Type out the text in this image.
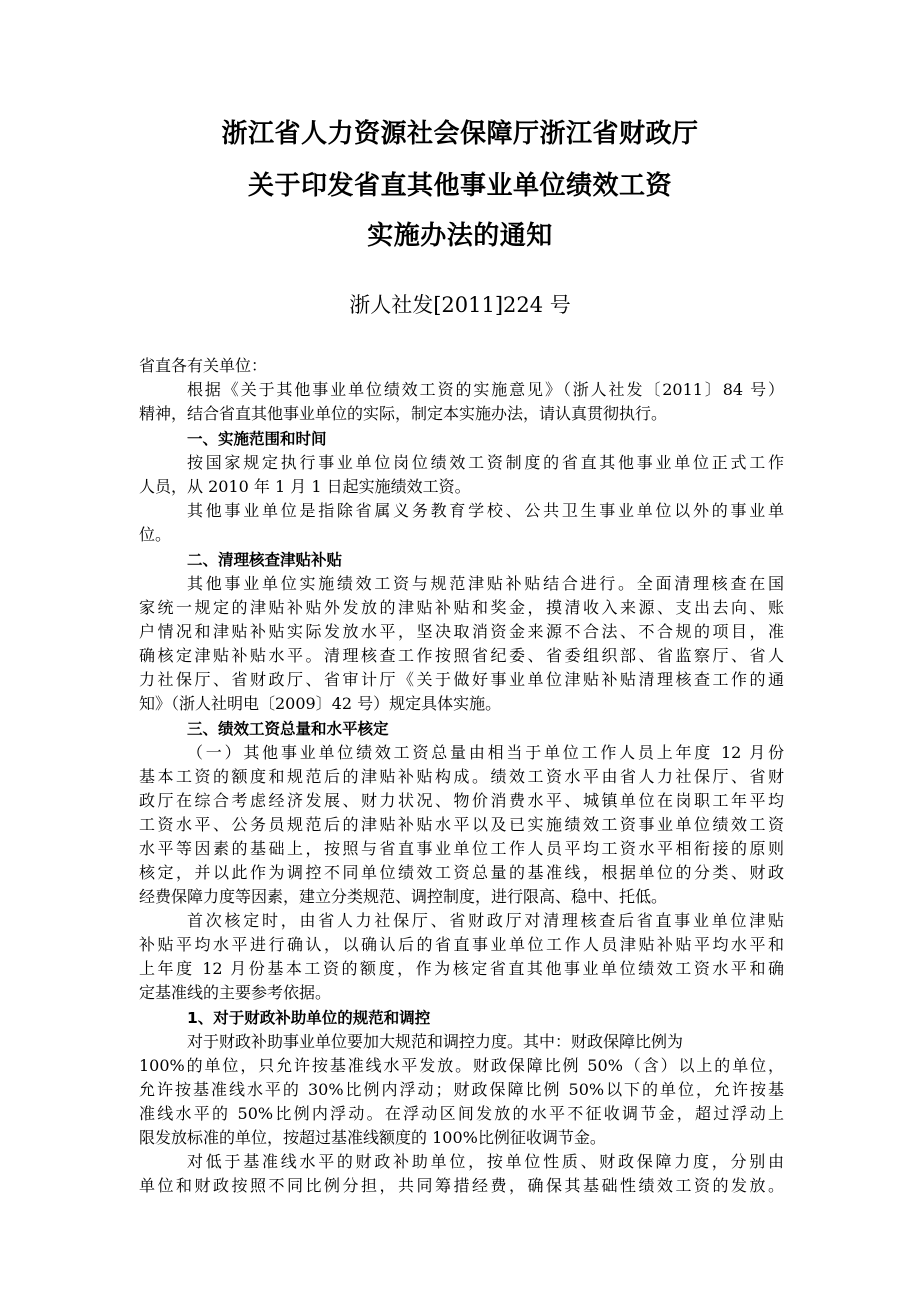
浙江省人力资源社会保障厅浙江省财政厅
关于印发省直其他事业单位绩效工资
实施办法的通知
浙人社发[2011]224 号
省直各有关单位：
根据《关于其他事业单位绩效工资的实施意见》（浙人社发〔2011〕84 号）
精神，结合省直其他事业单位的实际，制定本实施办法，请认真贯彻执行。
一、实施范围和时间
按国家规定执行事业单位岗位绩效工资制度的省直其他事业单位正式工作
人员，从 2010 年 1 月 1 日起实施绩效工资。
其他事业单位是指除省属义务教育学校、公共卫生事业单位以外的事业单
位。
二、清理核查津贴补贴
其他事业单位实施绩效工资与规范津贴补贴结合进行。全面清理核查在国
家统一规定的津贴补贴外发放的津贴补贴和奖金，摸清收入来源、支出去向、账
户情况和津贴补贴实际发放水平，坚决取消资金来源不合法、不合规的项目，准
确核定津贴补贴水平。清理核查工作按照省纪委、省委组织部、省监察厅、省人
力社保厅、省财政厅、省审计厅《关于做好事业单位津贴补贴清理核查工作的通
知》（浙人社明电〔2009〕42 号）规定具体实施。
三、绩效工资总量和水平核定
（一）其他事业单位绩效工资总量由相当于单位工作人员上年度 12 月份
基本工资的额度和规范后的津贴补贴构成。绩效工资水平由省人力社保厅、省财
政厅在综合考虑经济发展、财力状况、物价消费水平、城镇单位在岗职工年平均
工资水平、公务员规范后的津贴补贴水平以及已实施绩效工资事业单位绩效工资
水平等因素的基础上，按照与省直事业单位工作人员平均工资水平相衔接的原则
核定，并以此作为调控不同单位绩效工资总量的基准线，根据单位的分类、财政
经费保障力度等因素，建立分类规范、调控制度，进行限高、稳中、托低。
首次核定时，由省人力社保厅、省财政厅对清理核查后省直事业单位津贴
补贴平均水平进行确认，以确认后的省直事业单位工作人员津贴补贴平均水平和
上年度 12 月份基本工资的额度，作为核定省直其他事业单位绩效工资水平和确
定基准线的主要参考依据。
1、对于财政补助单位的规范和调控
对于财政补助事业单位要加大规范和调控力度。其中：财政保障比例为
100%的单位，只允许按基准线水平发放。财政保障比例 50%（含）以上的单位，
允许按基准线水平的 30%比例内浮动；财政保障比例 50%以下的单位，允许按基
准线水平的 50%比例内浮动。在浮动区间发放的水平不征收调节金，超过浮动上
限发放标准的单位，按超过基准线额度的 100%比例征收调节金。
对低于基准线水平的财政补助单位，按单位性质、财政保障力度，分别由
单位和财政按照不同比例分担，共同筹措经费，确保其基础性绩效工资的发放。
